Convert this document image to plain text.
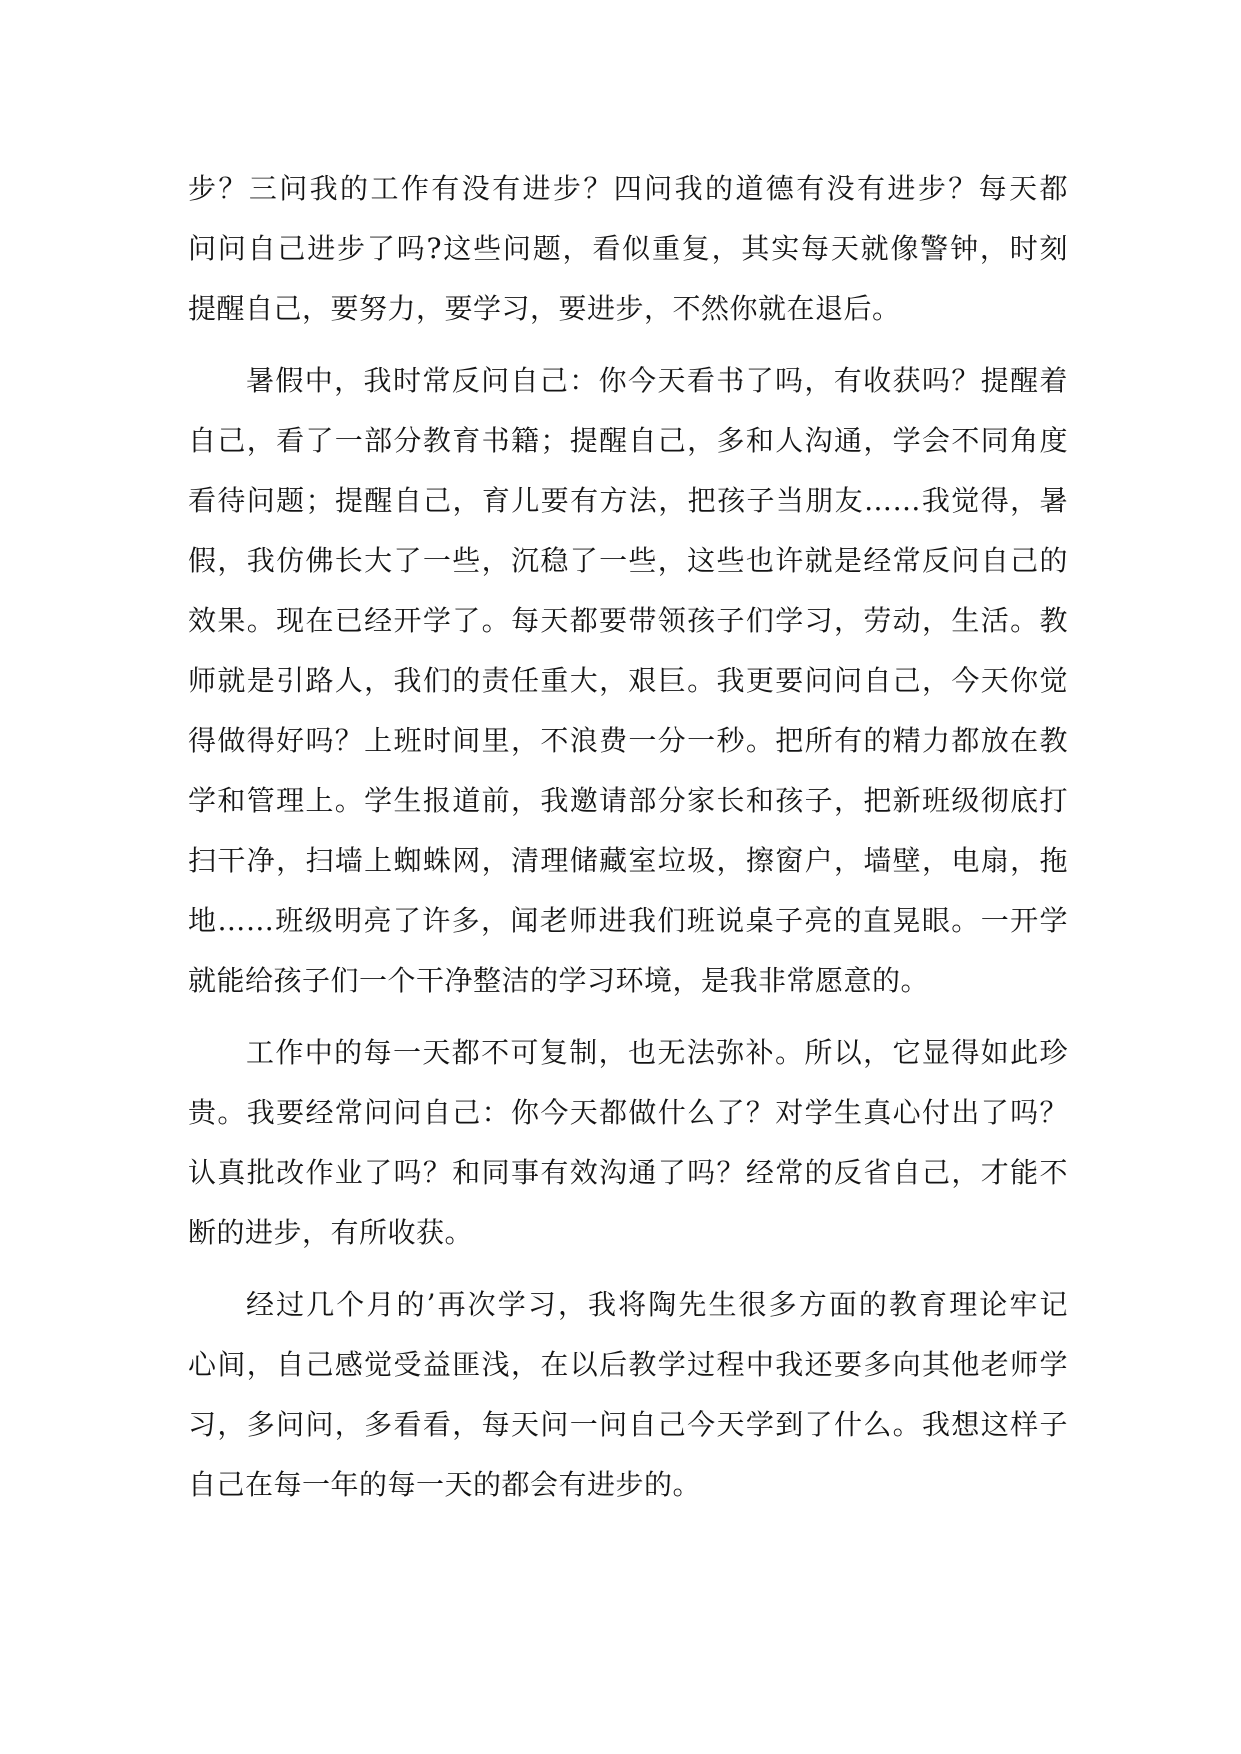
步？三问我的工作有没有进步？四问我的道德有没有进步？每天都
问问自己进步了吗?这些问题，看似重复，其实每天就像警钟，时刻
提醒自己，要努力，要学习，要进步，不然你就在退后。
暑假中，我时常反问自己：你今天看书了吗，有收获吗？提醒着
自己，看了一部分教育书籍；提醒自己，多和人沟通，学会不同角度
看待问题；提醒自己，育儿要有方法，把孩子当朋友……我觉得，暑
假，我仿佛长大了一些，沉稳了一些，这些也许就是经常反问自己的
效果。现在已经开学了。每天都要带领孩子们学习，劳动，生活。教
师就是引路人，我们的责任重大，艰巨。我更要问问自己，今天你觉
得做得好吗？上班时间里，不浪费一分一秒。把所有的精力都放在教
学和管理上。学生报道前，我邀请部分家长和孩子，把新班级彻底打
扫干净，扫墙上蜘蛛网，清理储藏室垃圾，擦窗户，墙壁，电扇，拖
地……班级明亮了许多，闻老师进我们班说桌子亮的直晃眼。一开学
就能给孩子们一个干净整洁的学习环境，是我非常愿意的。
工作中的每一天都不可复制，也无法弥补。所以，它显得如此珍
贵。我要经常问问自己：你今天都做什么了？对学生真心付出了吗？
认真批改作业了吗？和同事有效沟通了吗？经常的反省自己，才能不
断的进步，有所收获。
经过几个月的’再次学习，我将陶先生很多方面的教育理论牢记
心间，自己感觉受益匪浅，在以后教学过程中我还要多向其他老师学
习，多问问，多看看，每天问一问自己今天学到了什么。我想这样子
自己在每一年的每一天的都会有进步的。
